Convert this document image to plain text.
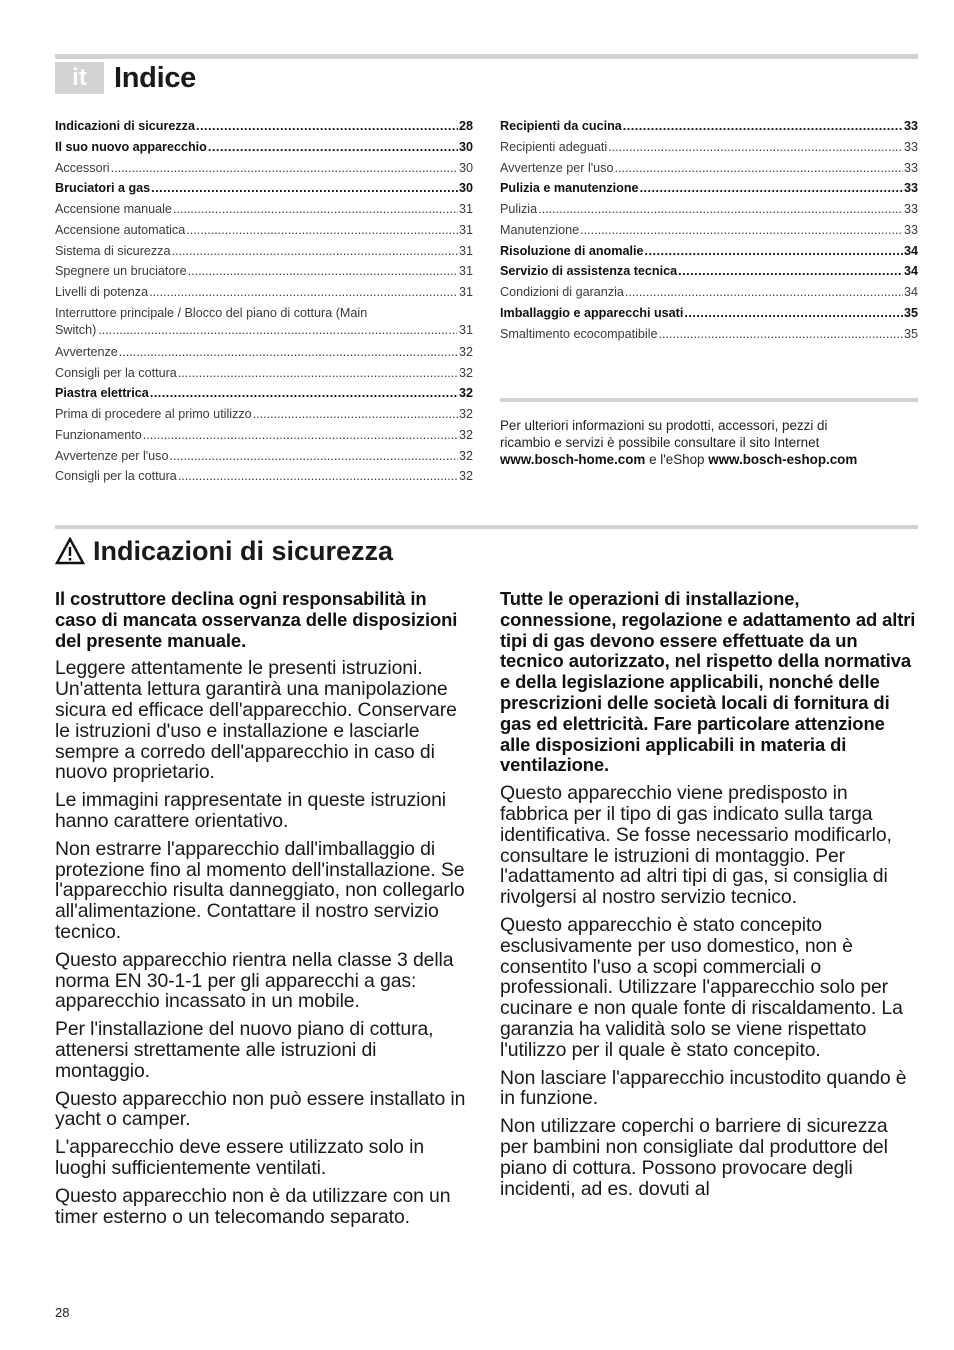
it Indice
Indicazioni di sicurezza .....	28
Il suo nuovo apparecchio .....	30
Accessori .....	30
Bruciatori a gas .....	30
Accensione manuale .....	31
Accensione automatica .....	31
Sistema di sicurezza .....	31
Spegnere un bruciatore .....	31
Livelli di potenza .....	31
Interruttore principale / Blocco del piano di cottura (Main
Switch) .....	31
Avvertenze .....	32
Consigli per la cottura .....	32
Piastra elettrica .....	32
Prima di procedere al primo utilizzo .....	32
Funzionamento .....	32
Avvertenze per l'uso .....	32
Consigli per la cottura .....	32
Recipienti da cucina .....	33
Recipienti adeguati .....	33
Avvertenze per l'uso .....	33
Pulizia e manutenzione .....	33
Pulizia .....	33
Manutenzione .....	33
Risoluzione di anomalie .....	34
Servizio di assistenza tecnica .....	34
Condizioni di garanzia .....	34
Imballaggio e apparecchi usati .....	35
Smaltimento ecocompatibile .....	35
Per ulteriori informazioni su prodotti, accessori, pezzi di
ricambio e servizi è possibile consultare il sito Internet
www.bosch-home.com e l'eShop www.bosch-eshop.com
Indicazioni di sicurezza

Il costruttore declina ogni responsabilità in caso di mancata osservanza delle disposizioni del presente manuale.

Leggere attentamente le presenti istruzioni. Un'attenta lettura garantirà una manipolazione sicura ed efficace dell'apparecchio. Conservare le istruzioni d'uso e installazione e lasciarle sempre a corredo dell'apparecchio in caso di nuovo proprietario.

Le immagini rappresentate in queste istruzioni hanno carattere orientativo.

Non estrarre l'apparecchio dall'imballaggio di protezione fino al momento dell'installazione. Se l'apparecchio risulta danneggiato, non collegarlo all'alimentazione. Contattare il nostro servizio tecnico.

Questo apparecchio rientra nella classe 3 della norma EN 30-1-1 per gli apparecchi a gas: apparecchio incassato in un mobile.

Per l'installazione del nuovo piano di cottura, attenersi strettamente alle istruzioni di montaggio.

Questo apparecchio non può essere installato in yacht o camper.

L'apparecchio deve essere utilizzato solo in luoghi sufficientemente ventilati.

Questo apparecchio non è da utilizzare con un timer esterno o un telecomando separato.

Tutte le operazioni di installazione, connessione, regolazione e adattamento ad altri tipi di gas devono essere effettuate da un tecnico autorizzato, nel rispetto della normativa e della legislazione applicabili, nonché delle prescrizioni delle società locali di fornitura di gas ed elettricità. Fare particolare attenzione alle disposizioni applicabili in materia di ventilazione.

Questo apparecchio viene predisposto in fabbrica per il tipo di gas indicato sulla targa identificativa. Se fosse necessario modificarlo, consultare le istruzioni di montaggio. Per l'adattamento ad altri tipi di gas, si consiglia di rivolgersi al nostro servizio tecnico.

Questo apparecchio è stato concepito esclusivamente per uso domestico, non è consentito l'uso a scopi commerciali o professionali. Utilizzare l'apparecchio solo per cucinare e non quale fonte di riscaldamento. La garanzia ha validità solo se viene rispettato l'utilizzo per il quale è stato concepito.

Non lasciare l'apparecchio incustodito quando è in funzione.

Non utilizzare coperchi o barriere di sicurezza per bambini non consigliate dal produttore del piano di cottura. Possono provocare degli incidenti, ad es. dovuti al

28
